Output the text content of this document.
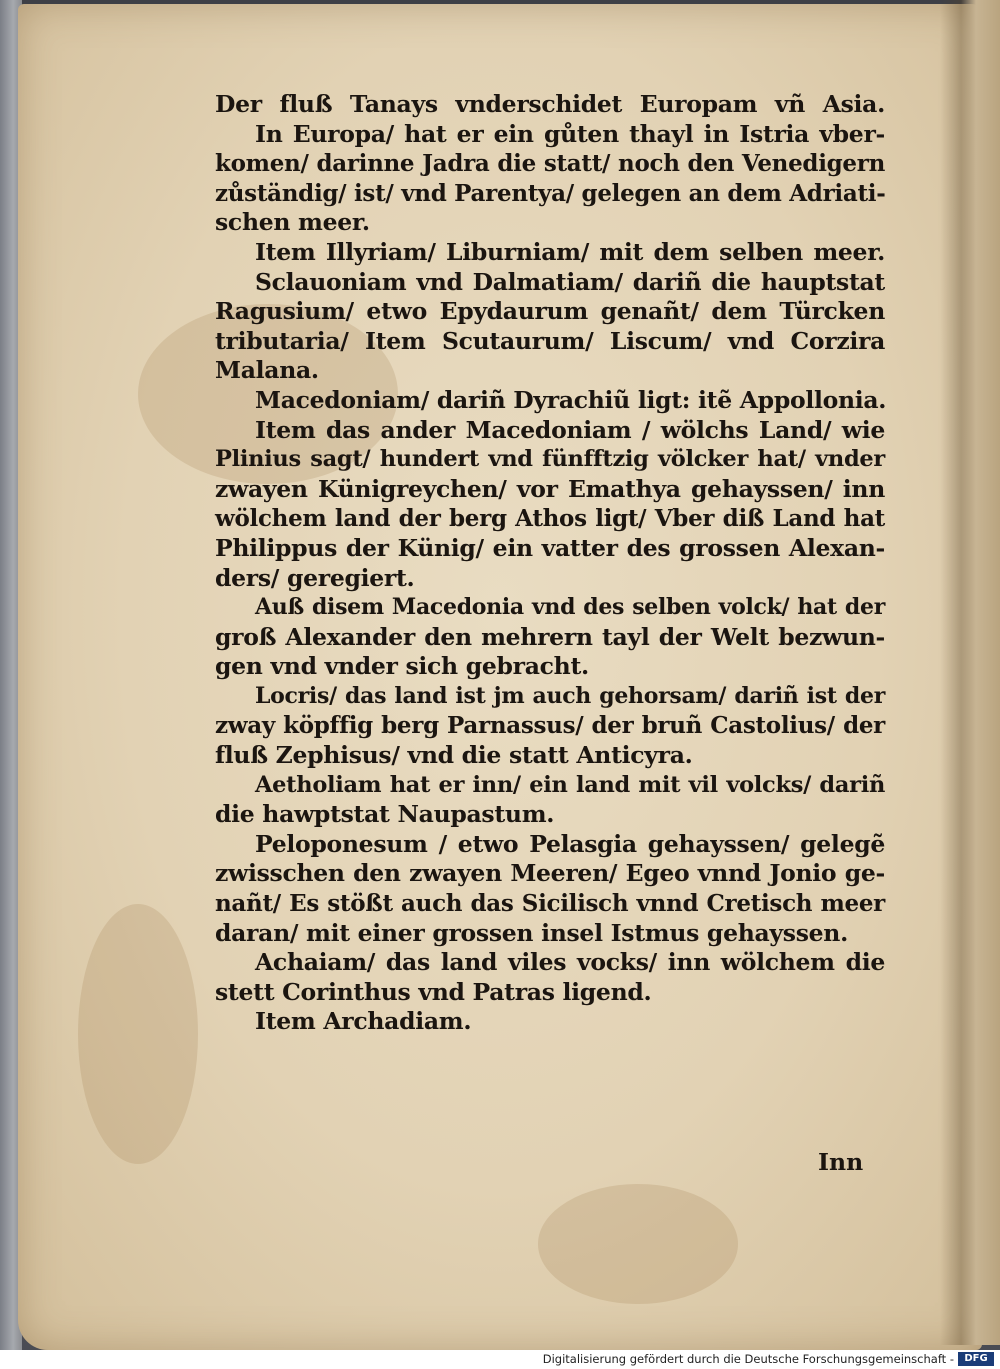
Der fluß Tanays vnderschidet Europam vñ Asia.
In Europa/ hat er ein gůten thayl in Istria vber-
komen/ darinne Jadra die statt/ noch den Venedigern
zůständig/ ist/ vnd Parentya/ gelegen an dem Adriati-
schen meer.
Item Illyriam/ Liburniam/ mit dem selben meer.
Sclauoniam vnd Dalmatiam/ dariñ die hauptstat
Ragusium/ etwo Epydaurum genañt/ dem Türcken
tributaria/ Item Scutaurum/ Liscum/ vnd Corzira
Malana.
Macedoniam/ dariñ Dyrachiũ ligt: itẽ Appollonia.
Item das ander Macedoniam / wölchs Land/ wie
Plinius sagt/ hundert vnd fünfftzig völcker hat/ vnder
zwayen Künigreychen/ vor Emathya gehayssen/ inn
wölchem land der berg Athos ligt/ Vber diß Land hat
Philippus der Künig/ ein vatter des grossen Alexan-
ders/ geregiert.
Auß disem Macedonia vnd des selben volck/ hat der
groß Alexander den mehrern tayl der Welt bezwun-
gen vnd vnder sich gebracht.
Locris/ das land ist jm auch gehorsam/ dariñ ist der
zway köpffig berg Parnassus/ der bruñ Castolius/ der
fluß Zephisus/ vnd die statt Anticyra.
Aetholiam hat er inn/ ein land mit vil volcks/ dariñ
die hawptstat Naupastum.
Peloponesum / etwo Pelasgia gehayssen/ gelegẽ
zwisschen den zwayen Meeren/ Egeo vnnd Jonio ge-
nañt/ Es stößt auch das Sicilisch vnnd Cretisch meer
daran/ mit einer grossen insel Istmus gehayssen.
Achaiam/ das land viles vocks/ inn wölchem die
stett Corinthus vnd Patras ligend.
Item Archadiam.
Inn
Digitalisierung gefördert durch die Deutsche Forschungsgemeinschaft -	DFG
